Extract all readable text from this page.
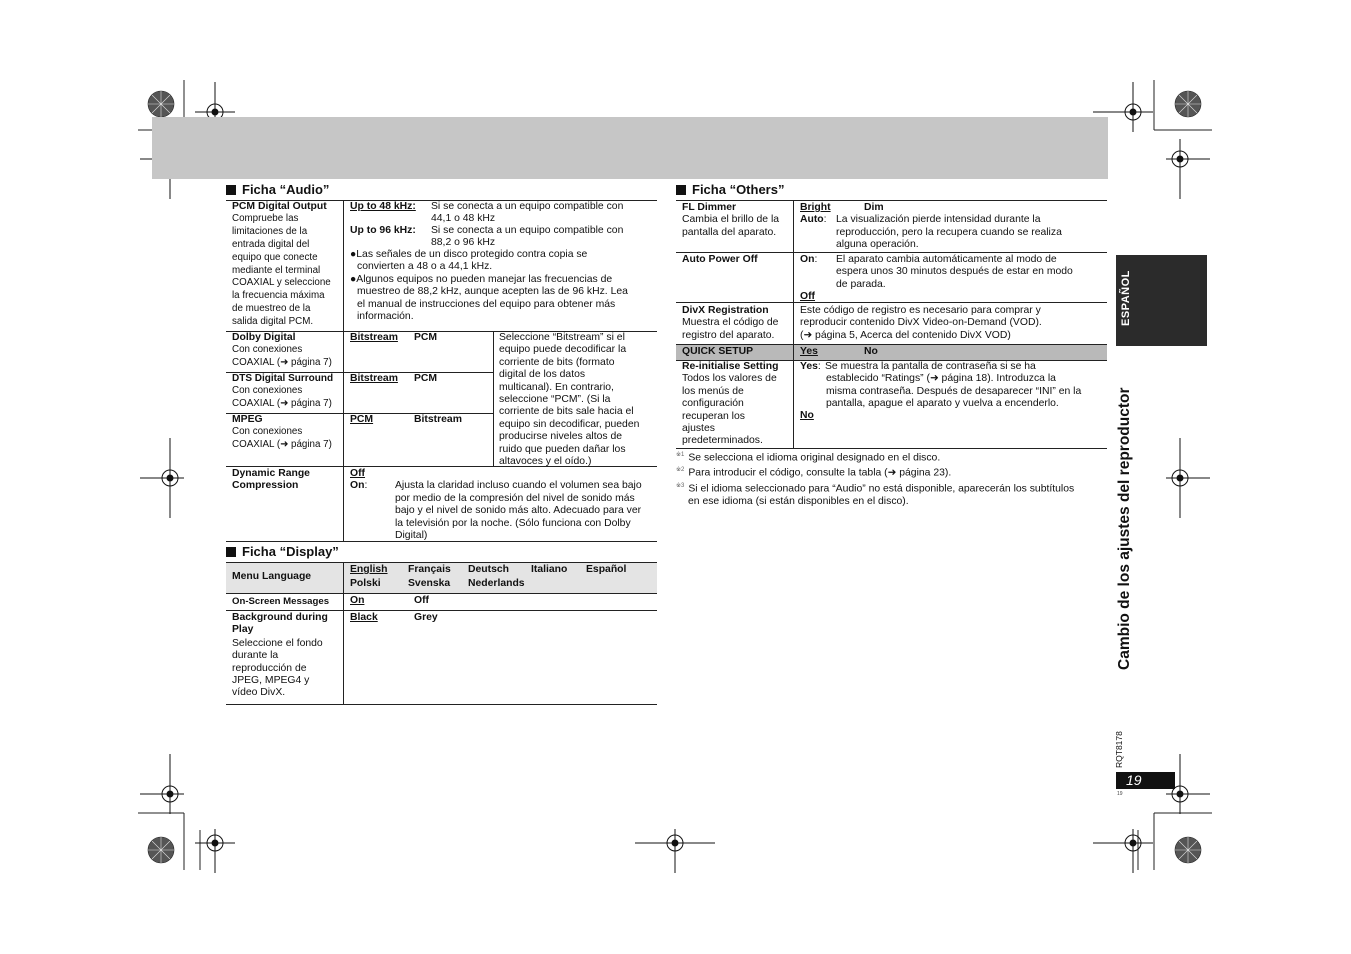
Ficha “Audio”
PCM Digital Output
Compruebe las
limitaciones de la
entrada digital del
equipo que conecte
mediante el terminal
COAXIAL y seleccione
la frecuencia máxima
de muestreo de la
salida digital PCM.
Up to 48 kHz: Si se conecta a un equipo compatible con
44,1 o 48 kHz
Up to 96 kHz: Si se conecta a un equipo compatible con
88,2 o 96 kHz
●Las señales de un disco protegido contra copia se
convierten a 48 o a 44,1 kHz.
●Algunos equipos no pueden manejar las frecuencias de
muestreo de 88,2 kHz, aunque acepten las de 96 kHz. Lea
el manual de instrucciones del equipo para obtener más
información.
Dolby Digital
Con conexiones
COAXIAL (➜ página 7)
Bitstream PCM
DTS Digital Surround
Con conexiones
COAXIAL (➜ página 7)
Bitstream PCM
MPEG
Con conexiones
COAXIAL (➜ página 7)
PCM	Bitstream
Seleccione “Bitstream” si el
equipo puede decodificar la
corriente de bits (formato
digital de los datos
multicanal). En contrario,
seleccione “PCM”. (Si la
corriente de bits sale hacia el
equipo sin decodificar, pueden
producirse niveles altos de
ruido que pueden dañar los
altavoces y el oído.)
Dynamic Range
Compression
Off
On:	Ajusta la claridad incluso cuando el volumen sea bajo
por medio de la compresión del nivel de sonido más
bajo y el nivel de sonido más alto. Adecuado para ver
la televisión por la noche. (Sólo funciona con Dolby
Digital)
Ficha “Display”
Menu Language
English Français Deutsch Italiano Español
Polski	Svenska Nederlands
On-Screen Messages On	Off
Background during
Play
Seleccione el fondo
durante la
reproducción de
JPEG, MPEG4 y
vídeo DivX.
Black	Grey
Ficha “Others”
FL Dimmer
Cambia el brillo de la
pantalla del aparato.
Bright	Dim
Auto: La visualización pierde intensidad durante la
reproducción, pero la recupera cuando se realiza
alguna operación.
Auto Power Off	On: El aparato cambia automáticamente al modo de
espera unos 30 minutos después de estar en modo
de parada.
Off
DivX Registration
Muestra el código de
registro del aparato.
Este código de registro es necesario para comprar y
reproducir contenido DivX Video-on-Demand (VOD).
(➜ página 5, Acerca del contenido DivX VOD)
QUICK SETUP	Yes	No
Re-initialise Setting
Todos los valores de
los menús de
configuración
recuperan los
ajustes
predeterminados.
Yes: Se muestra la pantalla de contraseña si se ha
establecido “Ratings” (➜ página 18). Introduzca la
misma contraseña. Después de desaparecer “INI” en la
pantalla, apague el aparato y vuelva a encenderlo.
No
$^{※1}$ Se selecciona el idioma original designado en el disco.
$^{※2}$ Para introducir el código, consulte la tabla (➜ página 23).
$^{※3}$ Si el idioma seleccionado para “Audio” no está disponible, aparecerán los subtítulos
en ese idioma (si están disponibles en el disco).
ESPAÑOL
Cambio de los ajustes del reproductor
RQT8178
19
19
